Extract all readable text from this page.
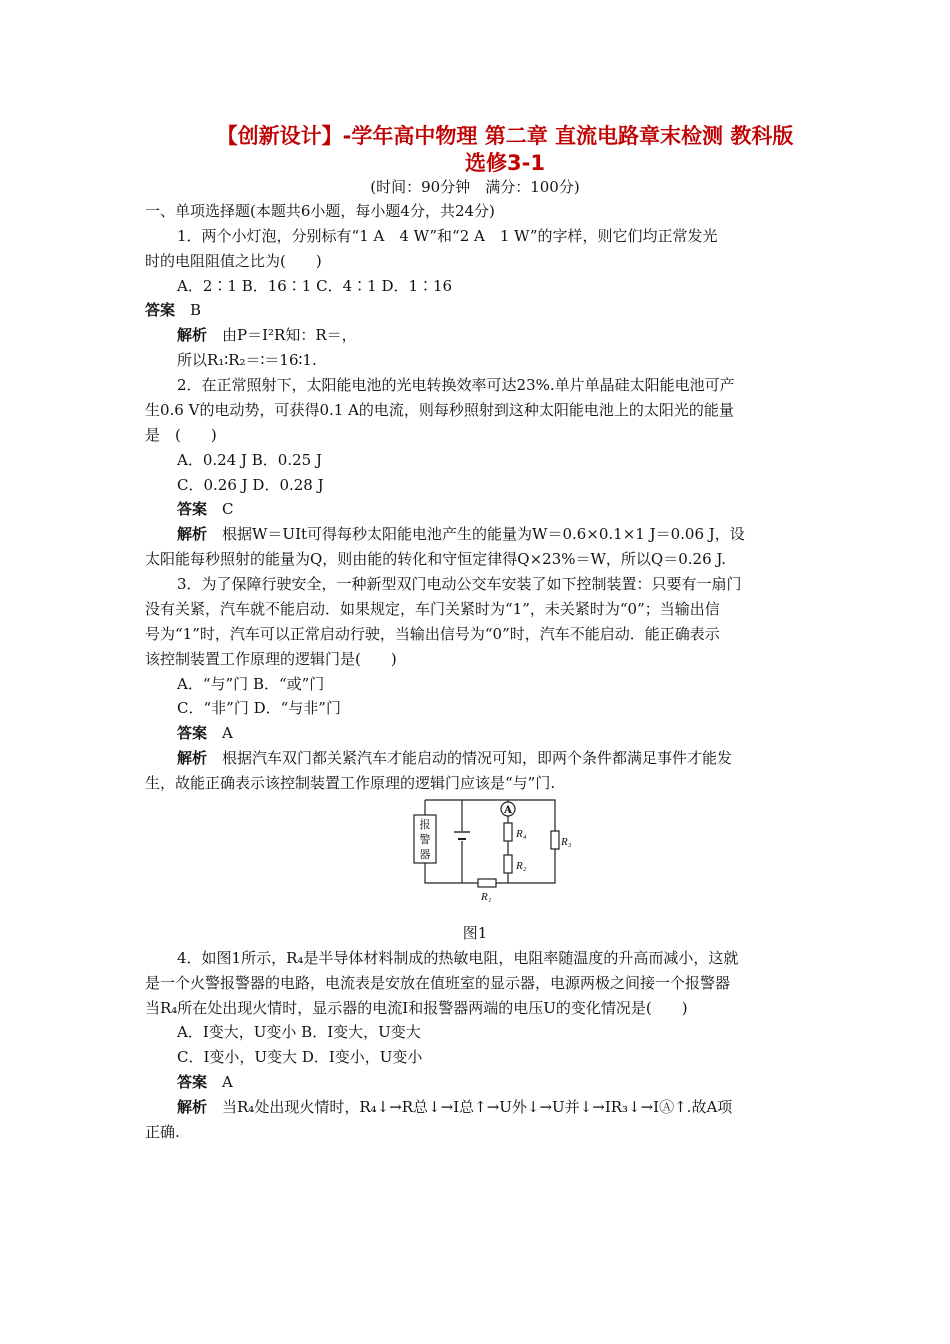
【创新设计】-学年高中物理 第二章 直流电路章末检测 教科版
选修3-1
(时间：90分钟　满分：100分)
一、单项选择题(本题共6小题，每小题4分，共24分)
1．两个小灯泡，分别标有“1 A　4 W”和“2 A　1 W”的字样，则它们均正常发光
时的电阻阻值之比为(　　)
A．2∶1 B．16∶1 C．4∶1 D．1∶16
答案　B
解析　由P＝I²R知：R＝，
所以R₁∶R₂＝∶＝16∶1.
2．在正常照射下，太阳能电池的光电转换效率可达23%.单片单晶硅太阳能电池可产
生0.6 V的电动势，可获得0.1 A的电流，则每秒照射到这种太阳能电池上的太阳光的能量
是　(　　)
A．0.24 J B．0.25 J
C．0.26 J D．0.28 J
答案　C
解析　根据W＝UIt可得每秒太阳能电池产生的能量为W＝0.6×0.1×1 J＝0.06 J，设
太阳能每秒照射的能量为Q，则由能的转化和守恒定律得Q×23%＝W，所以Q＝0.26 J.
3．为了保障行驶安全，一种新型双门电动公交车安装了如下控制装置：只要有一扇门
没有关紧，汽车就不能启动．如果规定，车门关紧时为“1”，未关紧时为“0”；当输出信
号为“1”时，汽车可以正常启动行驶，当输出信号为“0”时，汽车不能启动．能正确表示
该控制装置工作原理的逻辑门是(　　)
A．“与”门 B．“或”门
C．“非”门 D．“与非”门
答案　A
解析　根据汽车双门都关紧汽车才能启动的情况可知，即两个条件都满足事件才能发
生，故能正确表示该控制装置工作原理的逻辑门应该是“与”门.
报
警
器
A
R₄
R₂
R₃
R₁
图1
4．如图1所示，R₄是半导体材料制成的热敏电阻，电阻率随温度的升高而减小，这就
是一个火警报警器的电路，电流表是安放在值班室的显示器，电源两极之间接一个报警器
当R₄所在处出现火情时，显示器的电流I和报警器两端的电压U的变化情况是(　　)
A．I变大，U变小 B．I变大，U变大
C．I变小，U变大 D．I变小，U变小
答案　A
解析　当R₄处出现火情时，R₄↓→R总↓→I总↑→U外↓→U并↓→IR₃↓→IⒶ↑.故A项
正确.
